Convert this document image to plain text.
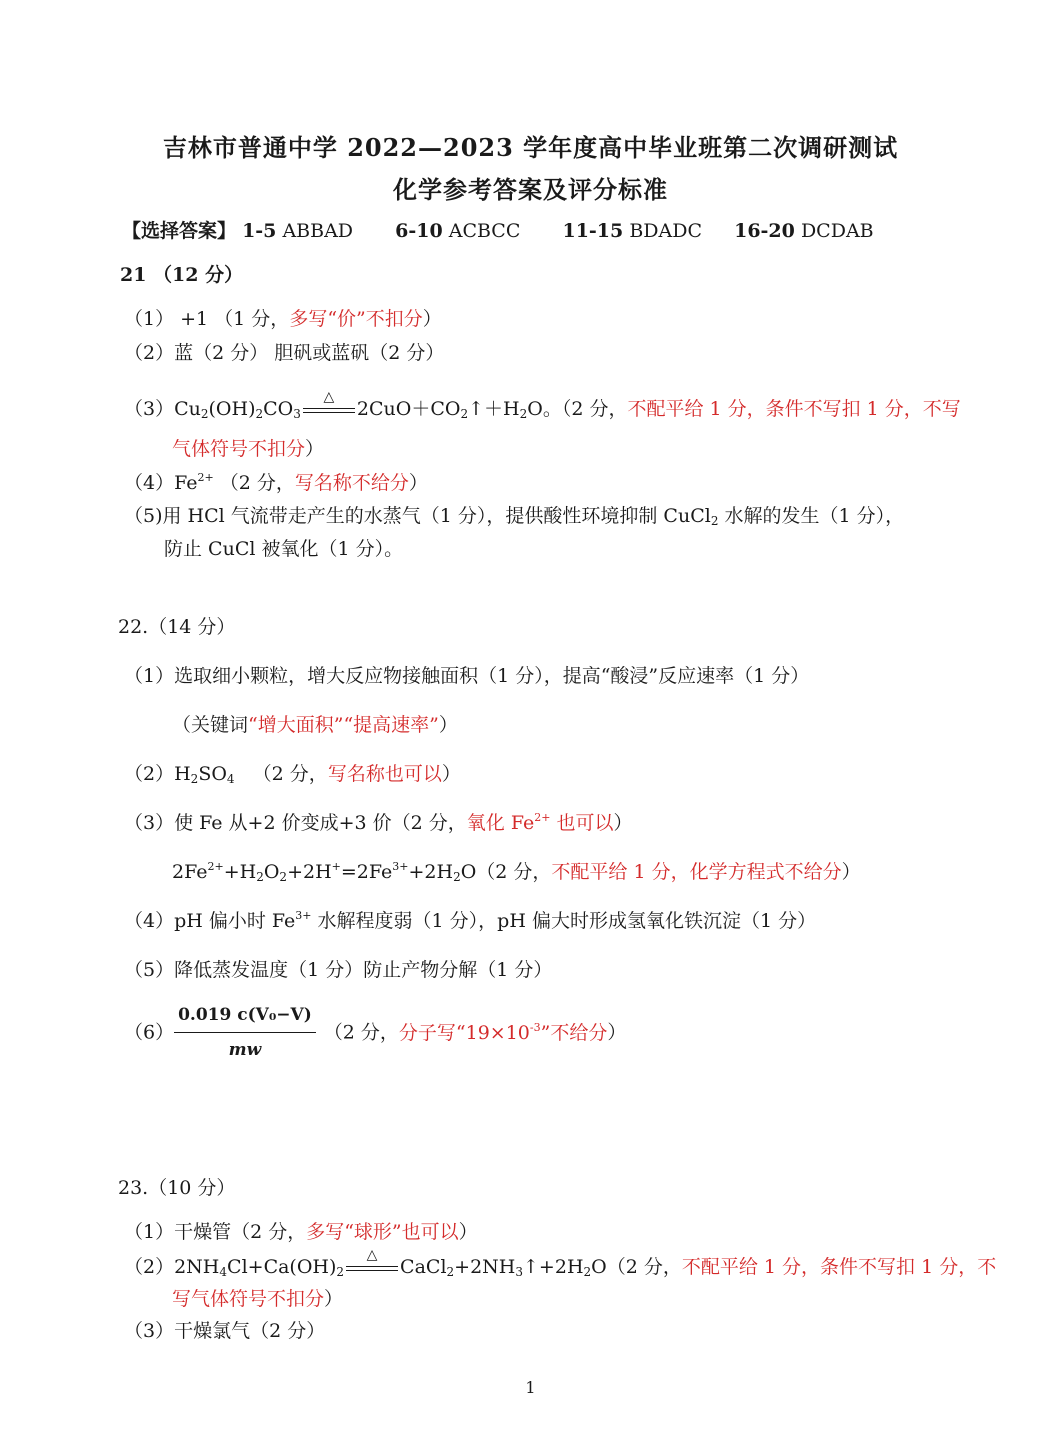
吉林市普通中学 2022—2023 学年度高中毕业班第二次调研测试
化学参考答案及评分标准
【选择答案】 1-5 ABBAD 6-10 ACBCC 11-15 BDADC 16-20 DCDAB
21 （12 分）
（1） +1 （1 分，多写“价”不扣分）
（2）蓝（2 分） 胆矾或蓝矾（2 分）
$(3)Cu_2(OH)_2CO_3$
△
$2CuO+CO_2↑+H_2O$。（2 分，不配平给 1 分，条件不写扣 1 分，不写
气体符号不扣分）
$(4)Fe^{2+}$ （2 分，写名称不给分）
（5)用 HCl 气流带走产生的水蒸气（1 分），提供酸性环境抑制 CuCl$_2$ 水解的发生（1 分），
防止 CuCl 被氧化（1 分）。
22.（14 分）
（1）选取细小颗粒，增大反应物接触面积（1 分），提高“酸浸”反应速率（1 分）
（关键词“增大面积”“提高速率”）
$(2)H_2SO_4$ （2 分，写名称也可以）
（3）使 Fe 从+2 价变成+3 价（2 分，氧化 $Fe^{2+}$ 也可以）
$2Fe^{2+}+H_2O_2+2H^+=2Fe^{3+}+2H_2O(2$ 分，不配平给 1 分，化学方程式不给分）
（4）pH 偏小时 $Fe^{3+}$ 水解程度弱（1 分），pH 偏大时形成氢氧化铁沉淀（1 分）
（5）降低蒸发温度（1 分）防止产物分解（1 分）
$(6) \frac{\text{0.019 c(V₀−V)}}{mw} (2$ 分，分子写“$19\times 10^{-3}$”不给分）
23.（10 分）
（1）干燥管（2 分，多写“球形”也可以）
$(2)2NH_4Cl+Ca(OH)_2$
△
$CaCl_2+2NH_3↑+2H_2O(2$ 分，不配平给 1 分，条件不写扣 1 分，不
写气体符号不扣分）
（3）干燥氯气（2 分）
1
